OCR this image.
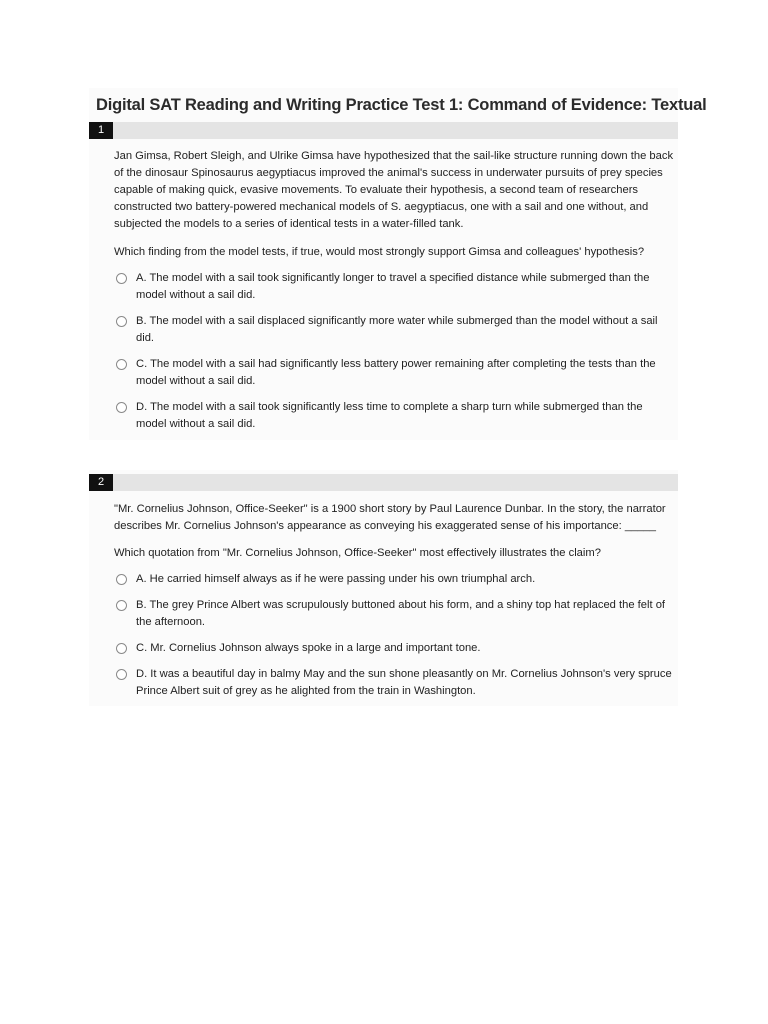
Digital SAT Reading and Writing Practice Test 1: Command of Evidence: Textual
1
Jan Gimsa, Robert Sleigh, and Ulrike Gimsa have hypothesized that the sail-like structure running down the back of the dinosaur Spinosaurus aegyptiacus improved the animal's success in underwater pursuits of prey species capable of making quick, evasive movements. To evaluate their hypothesis, a second team of researchers constructed two battery-powered mechanical models of S. aegyptiacus, one with a sail and one without, and subjected the models to a series of identical tests in a water-filled tank.
Which finding from the model tests, if true, would most strongly support Gimsa and colleagues' hypothesis?
A. The model with a sail took significantly longer to travel a specified distance while submerged than the model without a sail did.
B. The model with a sail displaced significantly more water while submerged than the model without a sail did.
C. The model with a sail had significantly less battery power remaining after completing the tests than the model without a sail did.
D. The model with a sail took significantly less time to complete a sharp turn while submerged than the model without a sail did.
2
"Mr. Cornelius Johnson, Office-Seeker" is a 1900 short story by Paul Laurence Dunbar. In the story, the narrator describes Mr. Cornelius Johnson's appearance as conveying his exaggerated sense of his importance: _____
Which quotation from "Mr. Cornelius Johnson, Office-Seeker" most effectively illustrates the claim?
A. He carried himself always as if he were passing under his own triumphal arch.
B. The grey Prince Albert was scrupulously buttoned about his form, and a shiny top hat replaced the felt of the afternoon.
C. Mr. Cornelius Johnson always spoke in a large and important tone.
D. It was a beautiful day in balmy May and the sun shone pleasantly on Mr. Cornelius Johnson's very spruce Prince Albert suit of grey as he alighted from the train in Washington.
